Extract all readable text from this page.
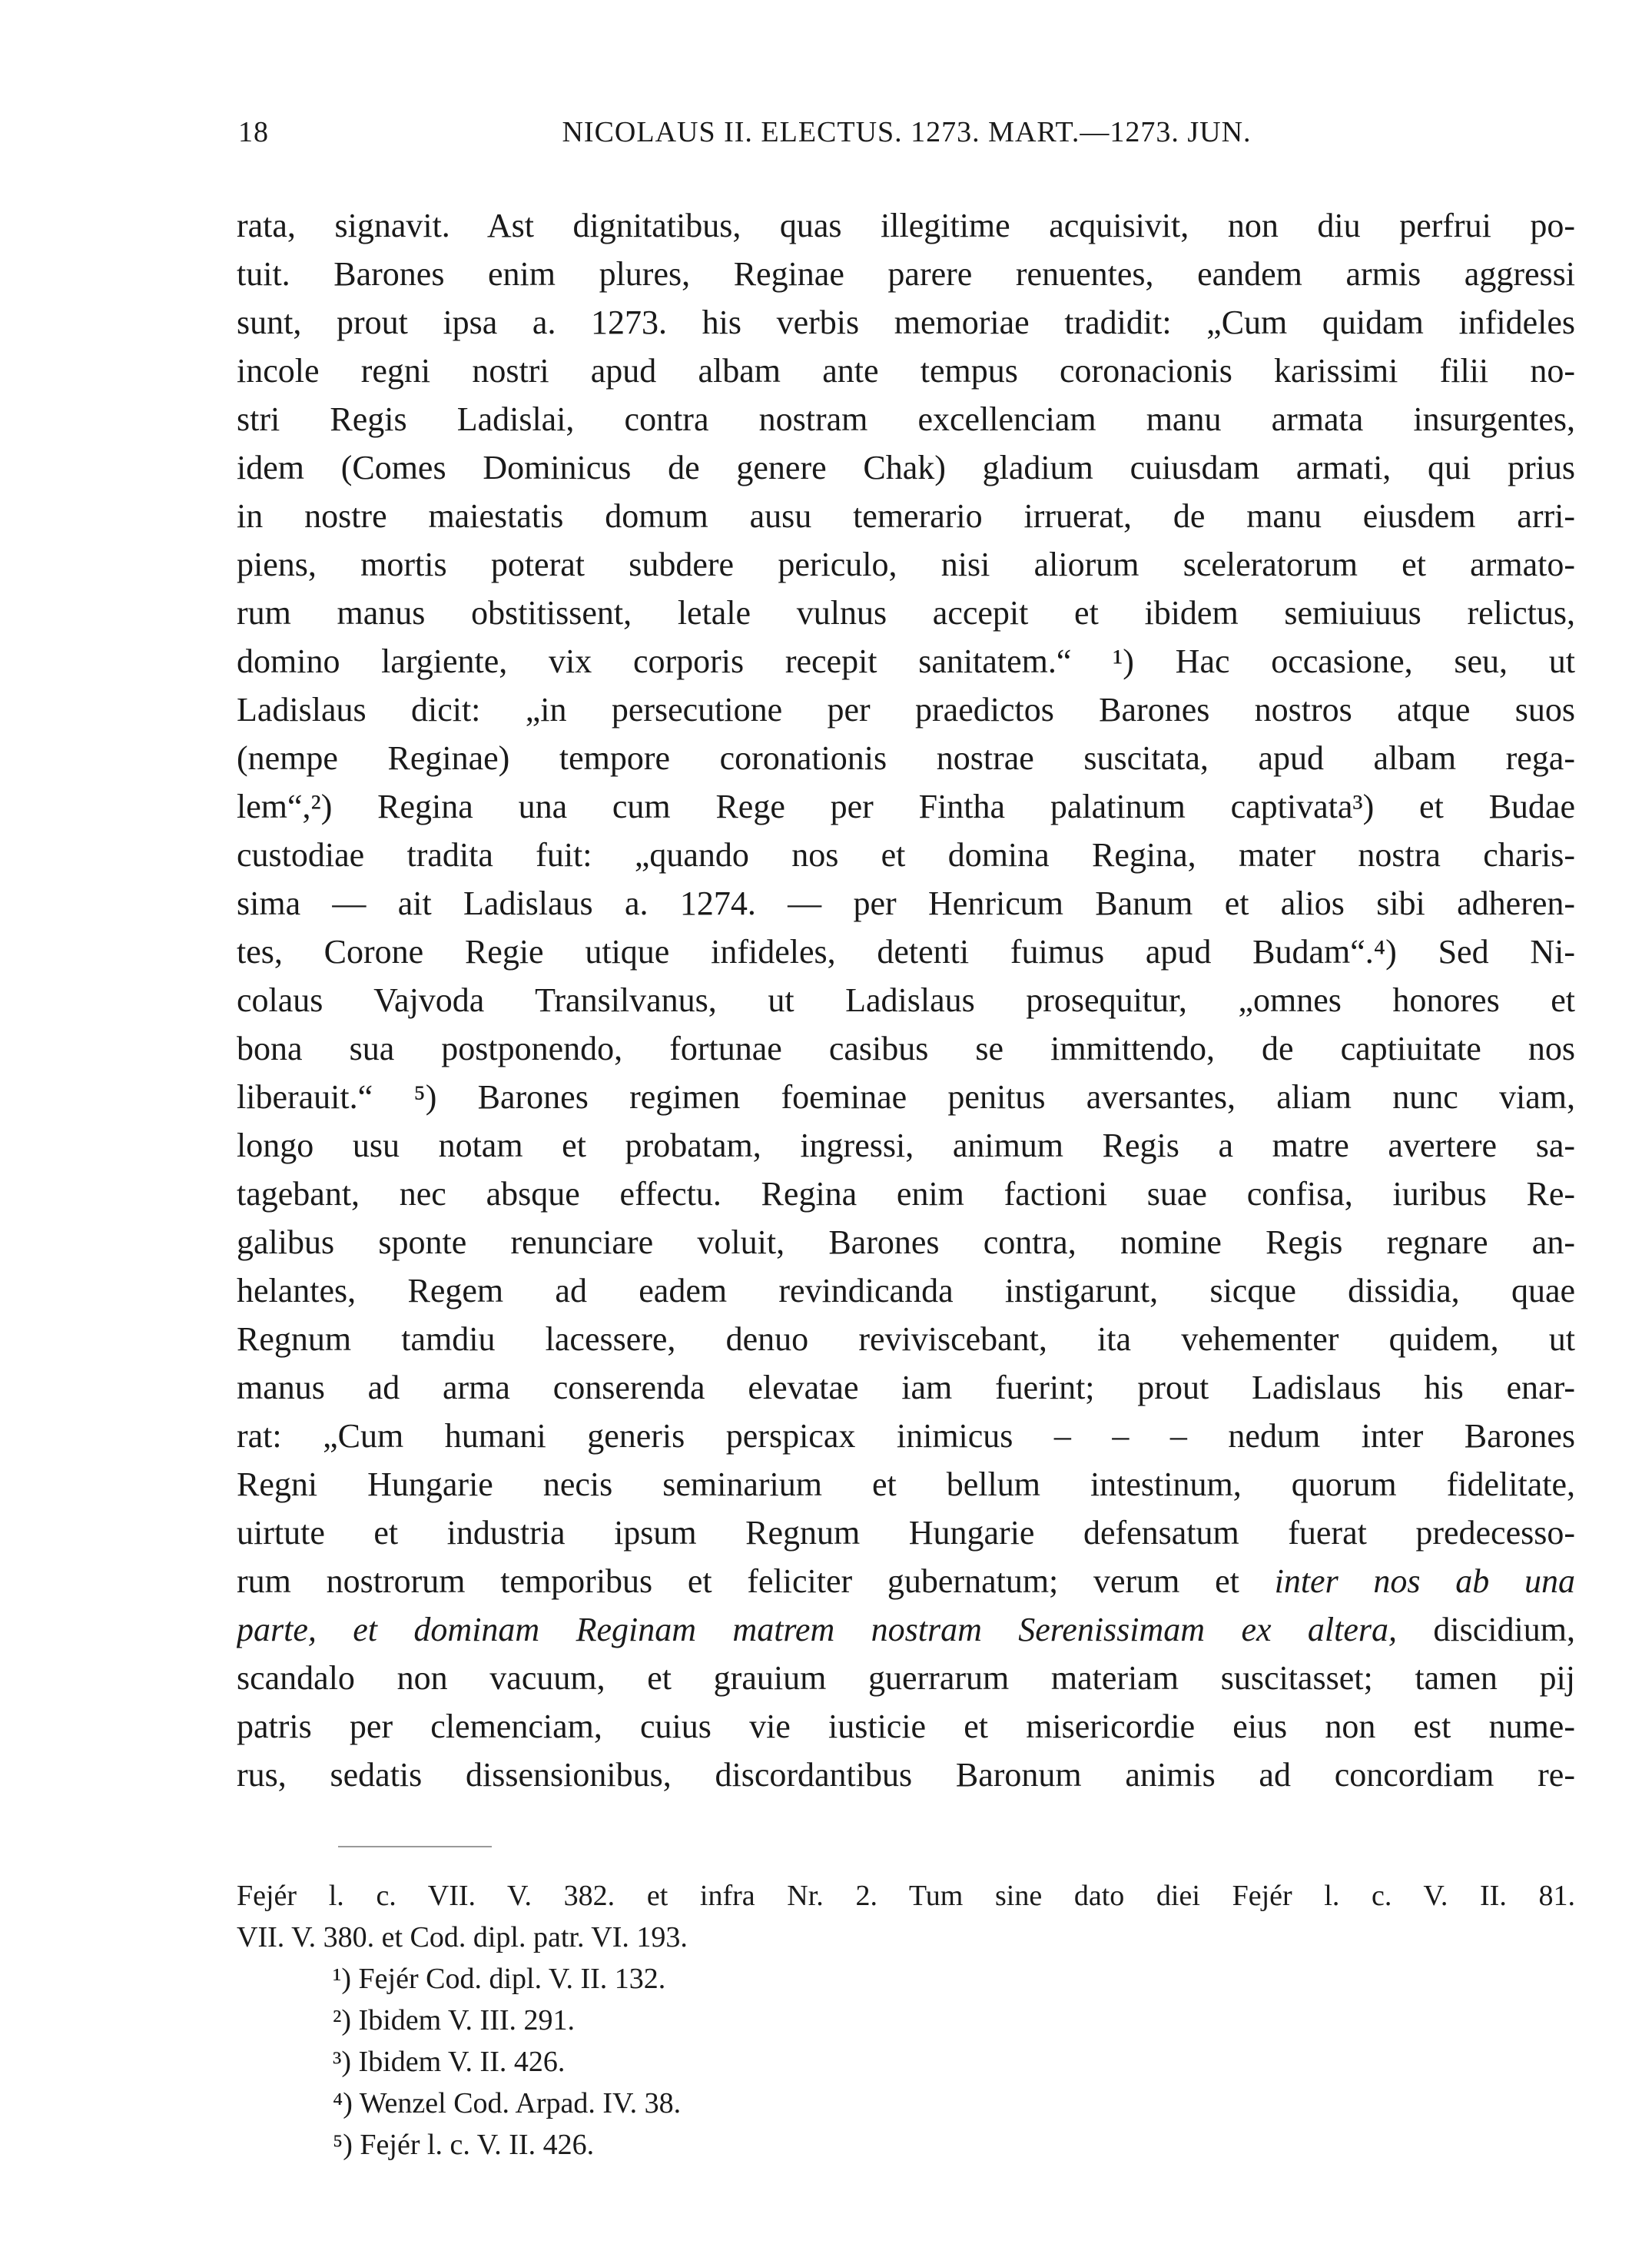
18	NICOLAUS II. ELECTUS. 1273. MART.—1273. JUN.
rata, signavit. Ast dignitatibus, quas illegitime acquisivit, non diu perfrui po-
tuit. Barones enim plures, Reginae parere renuentes, eandem armis aggressi
sunt, prout ipsa a. 1273. his verbis memoriae tradidit: „Cum quidam infideles
incole regni nostri apud albam ante tempus coronacionis karissimi filii no-
stri Regis Ladislai, contra nostram excellenciam manu armata insurgentes,
idem (Comes Dominicus de genere Chak) gladium cuiusdam armati, qui prius
in nostre maiestatis domum ausu temerario irruerat, de manu eiusdem arri-
piens, mortis poterat subdere periculo, nisi aliorum sceleratorum et armato-
rum manus obstitissent, letale vulnus accepit et ibidem semiuiuus relictus,
domino largiente, vix corporis recepit sanitatem.“ ¹) Hac occasione, seu, ut
Ladislaus dicit: „in persecutione per praedictos Barones nostros atque suos
(nempe Reginae) tempore coronationis nostrae suscitata, apud albam rega-
lem“,²) Regina una cum Rege per Fintha palatinum captivata³) et Budae
custodiae tradita fuit: „quando nos et domina Regina, mater nostra charis-
sima — ait Ladislaus a. 1274. — per Henricum Banum et alios sibi adheren-
tes, Corone Regie utique infideles, detenti fuimus apud Budam“.⁴) Sed Ni-
colaus Vajvoda Transilvanus, ut Ladislaus prosequitur, „omnes honores et
bona sua postponendo, fortunae casibus se immittendo, de captiuitate nos
liberauit.“ ⁵) Barones regimen foeminae penitus aversantes, aliam nunc viam,
longo usu notam et probatam, ingressi, animum Regis a matre avertere sa-
tagebant, nec absque effectu. Regina enim factioni suae confisa, iuribus Re-
galibus sponte renunciare voluit, Barones contra, nomine Regis regnare an-
helantes, Regem ad eadem revindicanda instigarunt, sicque dissidia, quae
Regnum tamdiu lacessere, denuo reviviscebant, ita vehementer quidem, ut
manus ad arma conserenda elevatae iam fuerint; prout Ladislaus his enar-
rat: „Cum humani generis perspicax inimicus – – – nedum inter Barones
Regni Hungarie necis seminarium et bellum intestinum, quorum fidelitate,
uirtute et industria ipsum Regnum Hungarie defensatum fuerat predecesso-
rum nostrorum temporibus et feliciter gubernatum; verum et inter nos ab una
parte, et dominam Reginam matrem nostram Serenissimam ex altera, discidium,
scandalo non vacuum, et grauium guerrarum materiam suscitasset; tamen pij
patris per clemenciam, cuius vie iusticie et misericordie eius non est nume-
rus, sedatis dissensionibus, discordantibus Baronum animis ad concordiam re-
Fejér l. c. VII. V. 382. et infra Nr. 2. Tum sine dato diei Fejér l. c. V. II. 81.
VII. V. 380. et Cod. dipl. patr. VI. 193.
¹) Fejér Cod. dipl. V. II. 132.
²) Ibidem V. III. 291.
³) Ibidem V. II. 426.
⁴) Wenzel Cod. Arpad. IV. 38.
⁵) Fejér l. c. V. II. 426.
